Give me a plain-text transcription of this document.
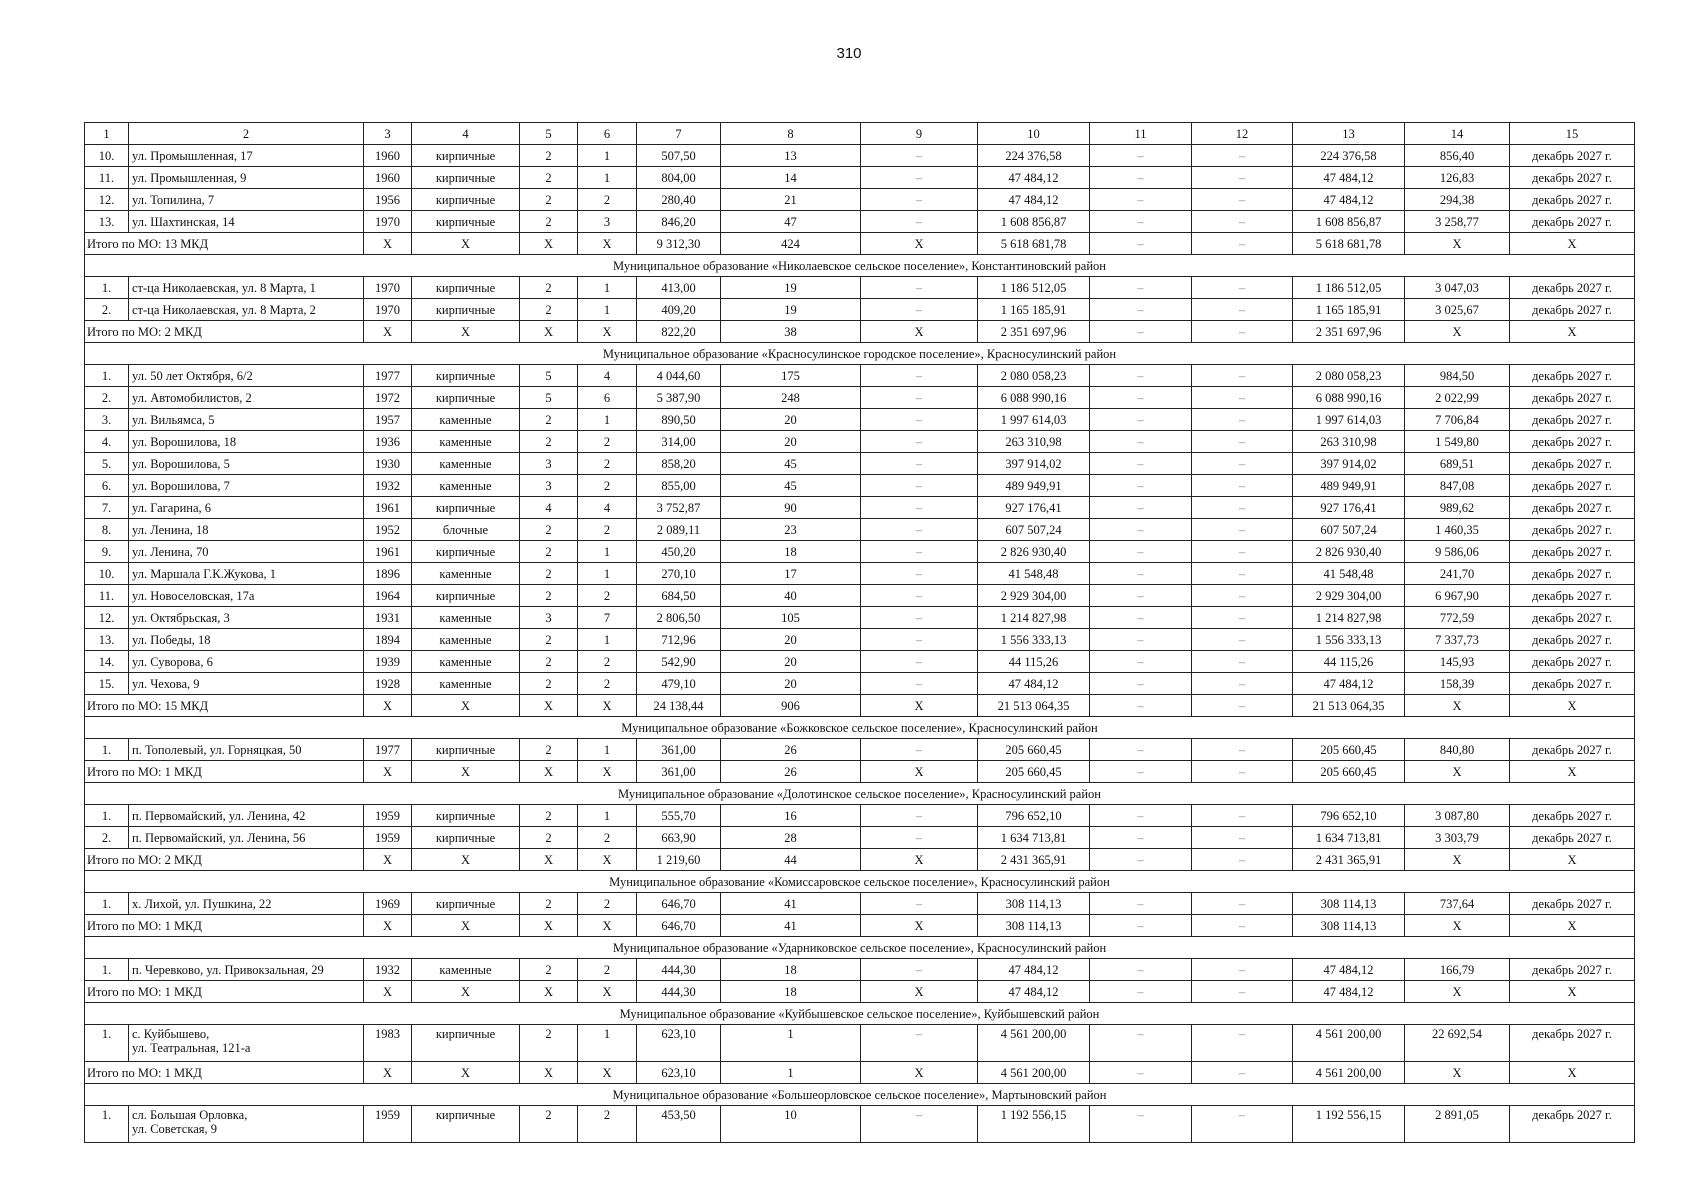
310
1	2	3	4	5	6	7	8	9	10	11	12	13	14	15
10.	ул. Промышленная, 17	1960	кирпичные	2	1	507,50	13	–	224 376,58	–	–	224 376,58	856,40	декабрь 2027 г.
11.	ул. Промышленная, 9	1960	кирпичные	2	1	804,00	14	–	47 484,12	–	–	47 484,12	126,83	декабрь 2027 г.
12.	ул. Топилина, 7	1956	кирпичные	2	2	280,40	21	–	47 484,12	–	–	47 484,12	294,38	декабрь 2027 г.
13.	ул. Шахтинская, 14	1970	кирпичные	2	3	846,20	47	–	1 608 856,87	–	–	1 608 856,87	3 258,77	декабрь 2027 г.
Итого по МО: 13 МКД		X	X	X	X	9 312,30	424	X	5 618 681,78	–	–	5 618 681,78	X	X
Муниципальное образование «Николаевское сельское поселение», Константиновский район														
1.	ст-ца Николаевская, ул. 8 Марта, 1	1970	кирпичные	2	1	413,00	19	–	1 186 512,05	–	–	1 186 512,05	3 047,03	декабрь 2027 г.
2.	ст-ца Николаевская, ул. 8 Марта, 2	1970	кирпичные	2	1	409,20	19	–	1 165 185,91	–	–	1 165 185,91	3 025,67	декабрь 2027 г.
Итого по МО: 2 МКД		X	X	X	X	822,20	38	X	2 351 697,96	–	–	2 351 697,96	X	X
Муниципальное образование «Красносулинское городское поселение», Красносулинский район														
1.	ул. 50 лет Октября, 6/2	1977	кирпичные	5	4	4 044,60	175	–	2 080 058,23	–	–	2 080 058,23	984,50	декабрь 2027 г.
2.	ул. Автомобилистов, 2	1972	кирпичные	5	6	5 387,90	248	–	6 088 990,16	–	–	6 088 990,16	2 022,99	декабрь 2027 г.
3.	ул. Вильямса, 5	1957	каменные	2	1	890,50	20	–	1 997 614,03	–	–	1 997 614,03	7 706,84	декабрь 2027 г.
4.	ул. Ворошилова, 18	1936	каменные	2	2	314,00	20	–	263 310,98	–	–	263 310,98	1 549,80	декабрь 2027 г.
5.	ул. Ворошилова, 5	1930	каменные	3	2	858,20	45	–	397 914,02	–	–	397 914,02	689,51	декабрь 2027 г.
6.	ул. Ворошилова, 7	1932	каменные	3	2	855,00	45	–	489 949,91	–	–	489 949,91	847,08	декабрь 2027 г.
7.	ул. Гагарина, 6	1961	кирпичные	4	4	3 752,87	90	–	927 176,41	–	–	927 176,41	989,62	декабрь 2027 г.
8.	ул. Ленина, 18	1952	блочные	2	2	2 089,11	23	–	607 507,24	–	–	607 507,24	1 460,35	декабрь 2027 г.
9.	ул. Ленина, 70	1961	кирпичные	2	1	450,20	18	–	2 826 930,40	–	–	2 826 930,40	9 586,06	декабрь 2027 г.
10.	ул. Маршала Г.К.Жукова, 1	1896	каменные	2	1	270,10	17	–	41 548,48	–	–	41 548,48	241,70	декабрь 2027 г.
11.	ул. Новоселовская, 17а	1964	кирпичные	2	2	684,50	40	–	2 929 304,00	–	–	2 929 304,00	6 967,90	декабрь 2027 г.
12.	ул. Октябрьская, 3	1931	каменные	3	7	2 806,50	105	–	1 214 827,98	–	–	1 214 827,98	772,59	декабрь 2027 г.
13.	ул. Победы, 18	1894	каменные	2	1	712,96	20	–	1 556 333,13	–	–	1 556 333,13	7 337,73	декабрь 2027 г.
14.	ул. Суворова, 6	1939	каменные	2	2	542,90	20	–	44 115,26	–	–	44 115,26	145,93	декабрь 2027 г.
15.	ул. Чехова, 9	1928	каменные	2	2	479,10	20	–	47 484,12	–	–	47 484,12	158,39	декабрь 2027 г.
Итого по МО: 15 МКД		X	X	X	X	24 138,44	906	X	21 513 064,35	–	–	21 513 064,35	X	X
Муниципальное образование «Божковское сельское поселение», Красносулинский район														
1.	п. Тополевый, ул. Горняцкая, 50	1977	кирпичные	2	1	361,00	26	–	205 660,45	–	–	205 660,45	840,80	декабрь 2027 г.
Итого по МО: 1 МКД		X	X	X	X	361,00	26	X	205 660,45	–	–	205 660,45	X	X
Муниципальное образование «Долотинское сельское поселение», Красносулинский район														
1.	п. Первомайский, ул. Ленина, 42	1959	кирпичные	2	1	555,70	16	–	796 652,10	–	–	796 652,10	3 087,80	декабрь 2027 г.
2.	п. Первомайский, ул. Ленина, 56	1959	кирпичные	2	2	663,90	28	–	1 634 713,81	–	–	1 634 713,81	3 303,79	декабрь 2027 г.
Итого по МО: 2 МКД		X	X	X	X	1 219,60	44	X	2 431 365,91	–	–	2 431 365,91	X	X
Муниципальное образование «Комиссаровское сельское поселение», Красносулинский район														
1.	х. Лихой, ул. Пушкина, 22	1969	кирпичные	2	2	646,70	41	–	308 114,13	–	–	308 114,13	737,64	декабрь 2027 г.
Итого по МО: 1 МКД		X	X	X	X	646,70	41	X	308 114,13	–	–	308 114,13	X	X
Муниципальное образование «Ударниковское сельское поселение», Красносулинский район														
1.	п. Черевково, ул. Привокзальная, 29	1932	каменные	2	2	444,30	18	–	47 484,12	–	–	47 484,12	166,79	декабрь 2027 г.
Итого по МО: 1 МКД		X	X	X	X	444,30	18	X	47 484,12	–	–	47 484,12	X	X
Муниципальное образование «Куйбышевское сельское поселение», Куйбышевский район														
1.	с. Куйбышево,
ул. Театральная, 121-а	1983	кирпичные	2	1	623,10	1	–	4 561 200,00	–	–	4 561 200,00	22 692,54	декабрь 2027 г.
Итого по МО: 1 МКД		X	X	X	X	623,10	1	X	4 561 200,00	–	–	4 561 200,00	X	X
Муниципальное образование «Большеорловское сельское поселение», Мартыновский район														
1.	сл. Большая Орловка,
ул. Советская, 9	1959	кирпичные	2	2	453,50	10	–	1 192 556,15	–	–	1 192 556,15	2 891,05	декабрь 2027 г.
